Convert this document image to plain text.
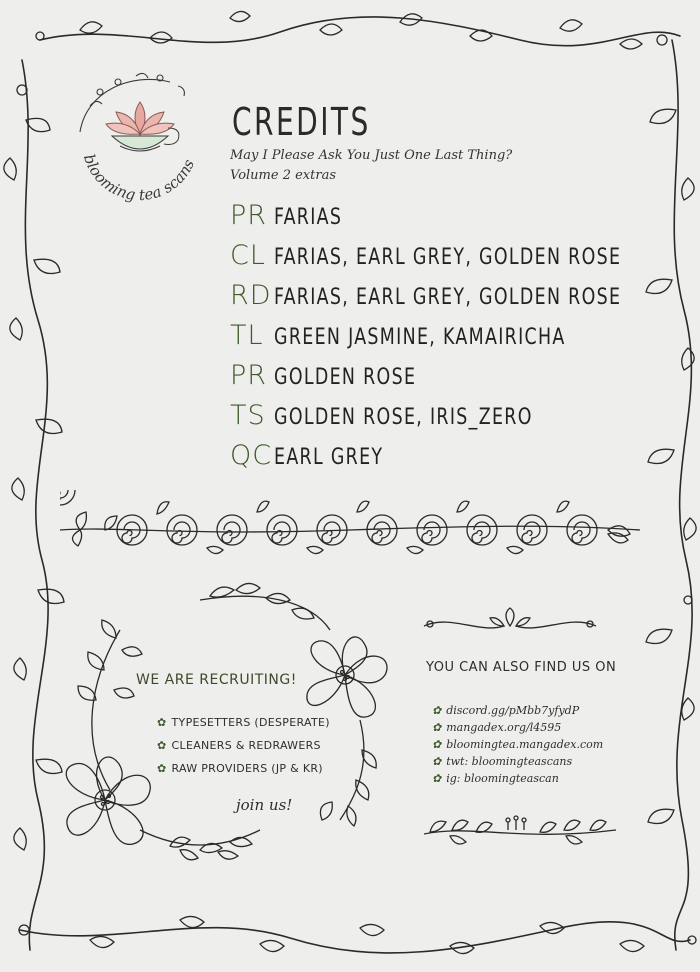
blooming tea scans
CREDITS
May I Please Ask You Just One Last Thing?
Volume 2 extras
PR FARIAS
CL FARIAS, EARL GREY, GOLDEN ROSE
RD FARIAS, EARL GREY, GOLDEN ROSE
TL GREEN JASMINE, KAMAIRICHA
PR GOLDEN ROSE
TS GOLDEN ROSE, IRIS_ZERO
QC EARL GREY
WE ARE RECRUITING!
✿ TYPESETTERS (DESPERATE)
✿ CLEANERS & REDRAWERS
✿ RAW PROVIDERS (JP & KR)
join us!
YOU CAN ALSO FIND US ON
✿ discord.gg/pMbb7yfydP
✿ mangadex.org/l4595
✿ bloomingtea.mangadex.com
✿ twt: bloomingteascans
✿ ig: bloomingteascan
